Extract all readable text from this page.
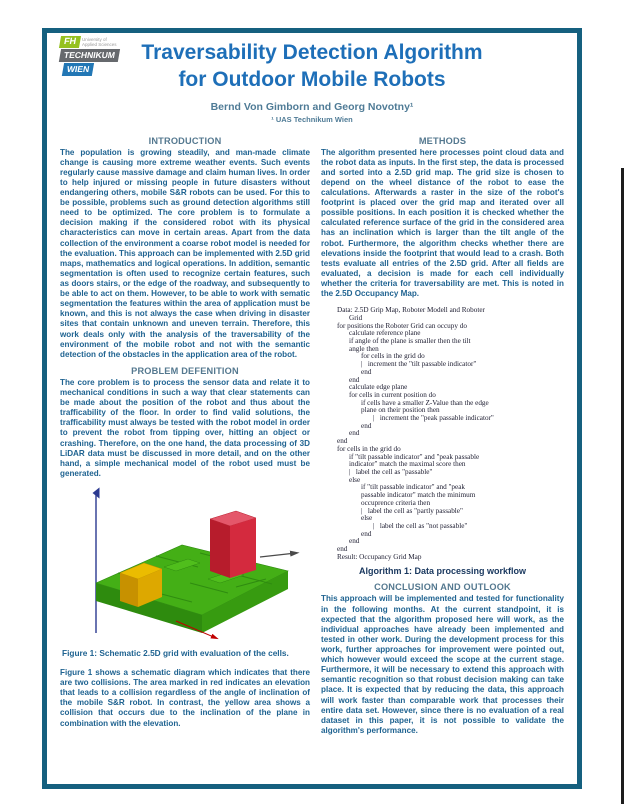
FH	University of
Applied Sciences
TECHNIKUM
WIEN
Traversability Detection Algorithm
for Outdoor Mobile Robots
Bernd Von Gimborn and Georg Novotny¹
¹ UAS Technikum Wien
INTRODUCTION

The population is growing steadily, and man-made climate change is causing more extreme weather events. Such events regularly cause massive damage and claim human lives. In order to help injured or missing people in future disasters without endangering others, mobile S&R robots can be used. For this to be possible, problems such as ground detection algorithms still need to be optimized. The core problem is to formulate a decision making if the considered robot with its physical characteristics can move in certain areas. Apart from the data collection of the environment a coarse robot model is needed for the evaluation. This approach can be implemented with 2.5D grid maps, mathematics and logical operations. In addition, semantic segmentation is often used to recognize certain features, such as doors stairs, or the edge of the roadway, and subsequently to be able to act on them. However, to be able to work with sematic segmentation the features within the area of application must be known, and this is not always the case when driving in disaster sites that contain unknown and uneven terrain. Therefore, this work deals only with the analysis of the traversability of the environment of the mobile robot and not with the semantic detection of the obstacles in the application area of the robot.

PROBLEM DEFENITION

The core problem is to process the sensor data and relate it to mechanical conditions in such a way that clear statements can be made about the position of the robot and thus about the trafficability of the floor. In order to find valid solutions, the trafficability must always be tested with the robot model in order to prevent the robot from tipping over, hitting an object or crashing. Therefore, on the one hand, the data processing of 3D LiDAR data must be discussed in more detail, and on the other hand, a simple mechanical model of the robot used must be generated.

Figure 1: Schematic 2.5D grid with evaluation of the cells.

Figure 1 shows a schematic diagram which indicates that there are two collisions. The area marked in red indicates an elevation that leads to a collision regardless of the angle of inclination of the mobile S&R robot. In contrast, the yellow area shows a collision that occurs due to the inclination of the plane in combination with the elevation.

METHODS

The algorithm presented here processes point cloud data and the robot data as inputs. In the first step, the data is processed and sorted into a 2.5D grid map. The grid size is chosen to depend on the wheel distance of the robot to ease the calculations. Afterwards a raster in the size of the robot's footprint is placed over the grid map and iterated over all possible positions. In each position it is checked whether the calculated reference surface of the grid in the considered area has an inclination which is larger than the tilt angle of the robot. Furthermore, the algorithm checks whether there are elevations inside the footprint that would lead to a crash. Both tests evaluate all entries of the 2.5D grid. After all fields are evaluated, a decision is made for each cell individually whether the criteria for traversability are met. This is noted in the 2.5D Occupancy Map.

Data: 2.5D Grip Map, Roboter Modell and Roboter
Grid
for positions the Roboter Grid can occupy do
calculate reference plane
if angle of the plane is smaller then the tilt
angle then
for cells in the grid do
|   increment the "tilt passable indicator"
end
end
calculate edge plane
for cells in current position do
if cells have a smaller Z-Value than the edge
plane on their position then
|   increment the "peak passable indicator"
end
end
end
for cells in the grid do
if "tilt passable indicator" and "peak passable
indicator" match the maximal score then
|   label the cell as "passable"
else
if "tilt passable indicator" and "peak
passable indicator" match the minimum
occuprence criteria then
|   label the cell as "partly passable"
else
|   label the cell as "not passable"
end
end
end
Result: Occupancy Grid Map
Algorithm 1: Data processing workflow
CONCLUSION AND OUTLOOK

This approach will be implemented and tested for functionality in the following months. At the current standpoint, it is expected that the algorithm proposed here will work, as the individual approaches have already been implemented and tested in other work. During the development process for this work, further approaches for improvement were pointed out, which however would exceed the scope at the current stage. Furthermore, it will be necessary to extend this approach with semantic recognition so that robust decision making can take place. It is expected that by reducing the data, this approach will work faster than comparable work that processes their entire data set. However, since there is no evaluation of a real dataset in this paper, it is not possible to validate the algorithm's performance.
